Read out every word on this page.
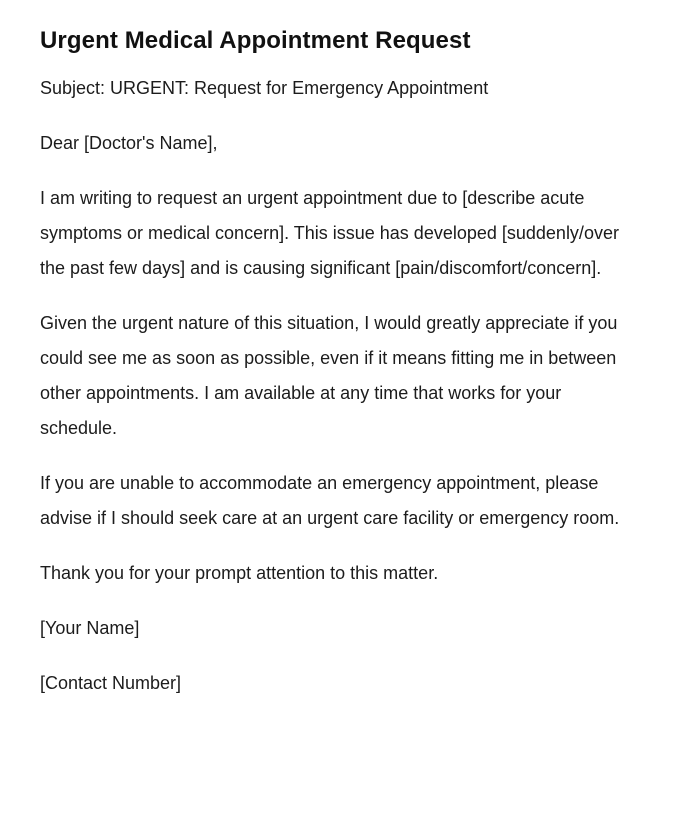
Urgent Medical Appointment Request

Subject: URGENT: Request for Emergency Appointment

Dear [Doctor's Name],

I am writing to request an urgent appointment due to [describe acute symptoms or medical concern]. This issue has developed [suddenly/over the past few days] and is causing significant [pain/discomfort/concern].

Given the urgent nature of this situation, I would greatly appreciate if you could see me as soon as possible, even if it means fitting me in between other appointments. I am available at any time that works for your schedule.

If you are unable to accommodate an emergency appointment, please advise if I should seek care at an urgent care facility or emergency room.

Thank you for your prompt attention to this matter.

[Your Name]

[Contact Number]
